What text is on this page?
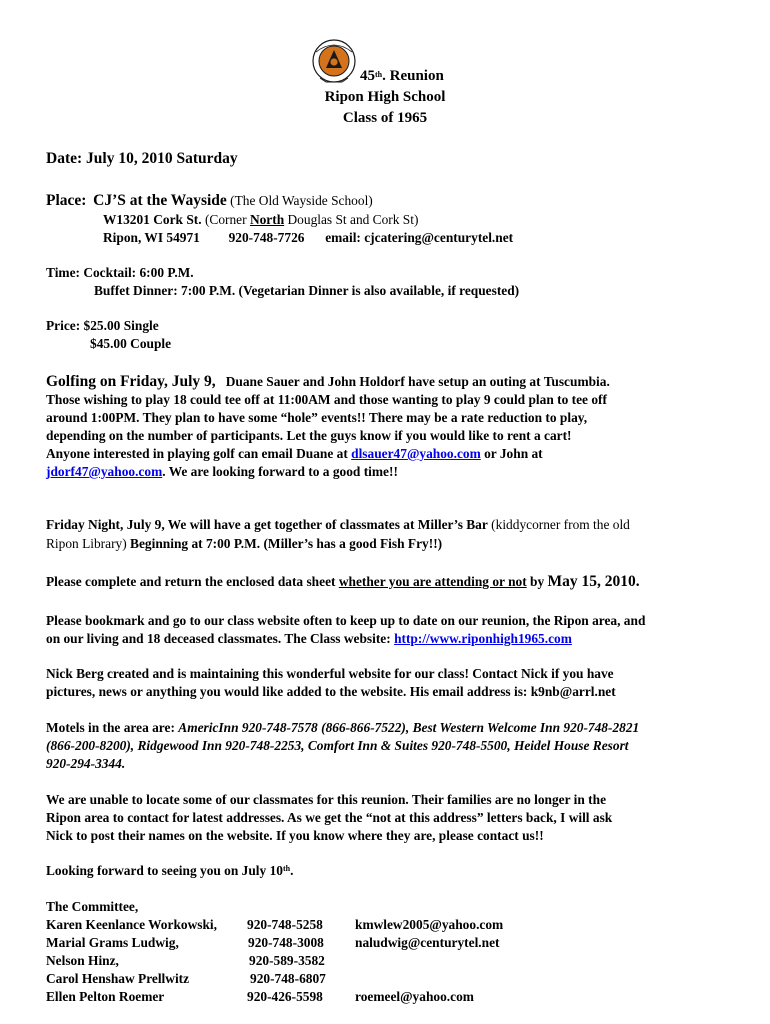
45th. Reunion
Ripon High School
Class of 1965
Date: July 10, 2010 Saturday
Place: CJ’S at the Wayside (The Old Wayside School)
W13201 Cork St. (Corner North Douglas St and Cork St)
Ripon, WI 54971 920-748-7726 email: cjcatering@centurytel.net
Time: Cocktail: 6:00 P.M.
Buffet Dinner: 7:00 P.M. (Vegetarian Dinner is also available, if requested)
Price: $25.00 Single
$45.00 Couple
Golfing on Friday, July 9, Duane Sauer and John Holdorf have setup an outing at Tuscumbia.
Those wishing to play 18 could tee off at 11:00AM and those wanting to play 9 could plan to tee off
around 1:00PM. They plan to have some “hole” events!! There may be a rate reduction to play,
depending on the number of participants. Let the guys know if you would like to rent a cart!
Anyone interested in playing golf can email Duane at dlsauer47@yahoo.com or John at
jdorf47@yahoo.com. We are looking forward to a good time!!
Friday Night, July 9, We will have a get together of classmates at Miller’s Bar (kiddycorner from the old
Ripon Library) Beginning at 7:00 P.M. (Miller’s has a good Fish Fry!!)
Please complete and return the enclosed data sheet whether you are attending or not by May 15, 2010.
Please bookmark and go to our class website often to keep up to date on our reunion, the Ripon area, and
on our living and 18 deceased classmates. The Class website: http://www.riponhigh1965.com
Nick Berg created and is maintaining this wonderful website for our class! Contact Nick if you have
pictures, news or anything you would like added to the website. His email address is: k9nb@arrl.net
Motels in the area are: AmericInn 920-748-7578 (866-866-7522), Best Western Welcome Inn 920-748-2821
(866-200-8200), Ridgewood Inn 920-748-2253, Comfort Inn & Suites 920-748-5500, Heidel House Resort
920-294-3344.
We are unable to locate some of our classmates for this reunion. Their families are no longer in the
Ripon area to contact for latest addresses. As we get the “not at this address” letters back, I will ask
Nick to post their names on the website. If you know where they are, please contact us!!
Looking forward to seeing you on July 10th.
The Committee,
Karen Keenlance Workowski, 920-748-5258 kmwlew2005@yahoo.com
Marial Grams Ludwig,	920-748-3008 naludwig@centurytel.net
Nelson Hinz,	920-589-3582
Carol Henshaw Prellwitz	920-748-6807
Ellen Pelton Roemer	920-426-5598 roemeel@yahoo.com
